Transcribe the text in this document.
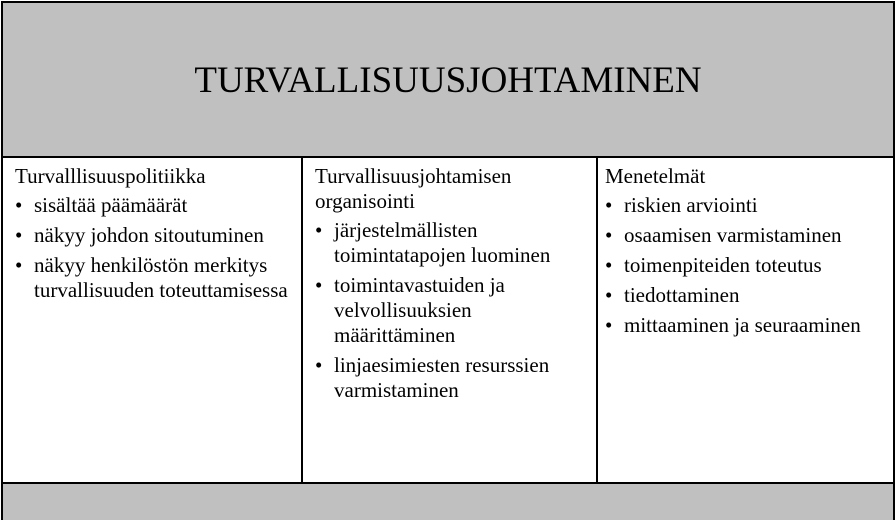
TURVALLISUUSJOHTAMINEN
Turvalllisuuspolitiikka
• sisältää päämäärät
• näkyy johdon sitoutuminen
• näkyy henkilöstön merkitys turvallisuuden toteuttamisessa
Turvallisuusjohtamisen organisointi
• järjestelmällisten toimintatapojen luominen
• toimintavastuiden ja velvollisuuksien määrittäminen
• linjaesimiesten resurssien varmistaminen
Menetelmät
• riskien arviointi
• osaamisen varmistaminen
• toimenpiteiden toteutus
• tiedottaminen
• mittaaminen ja seuraaminen
